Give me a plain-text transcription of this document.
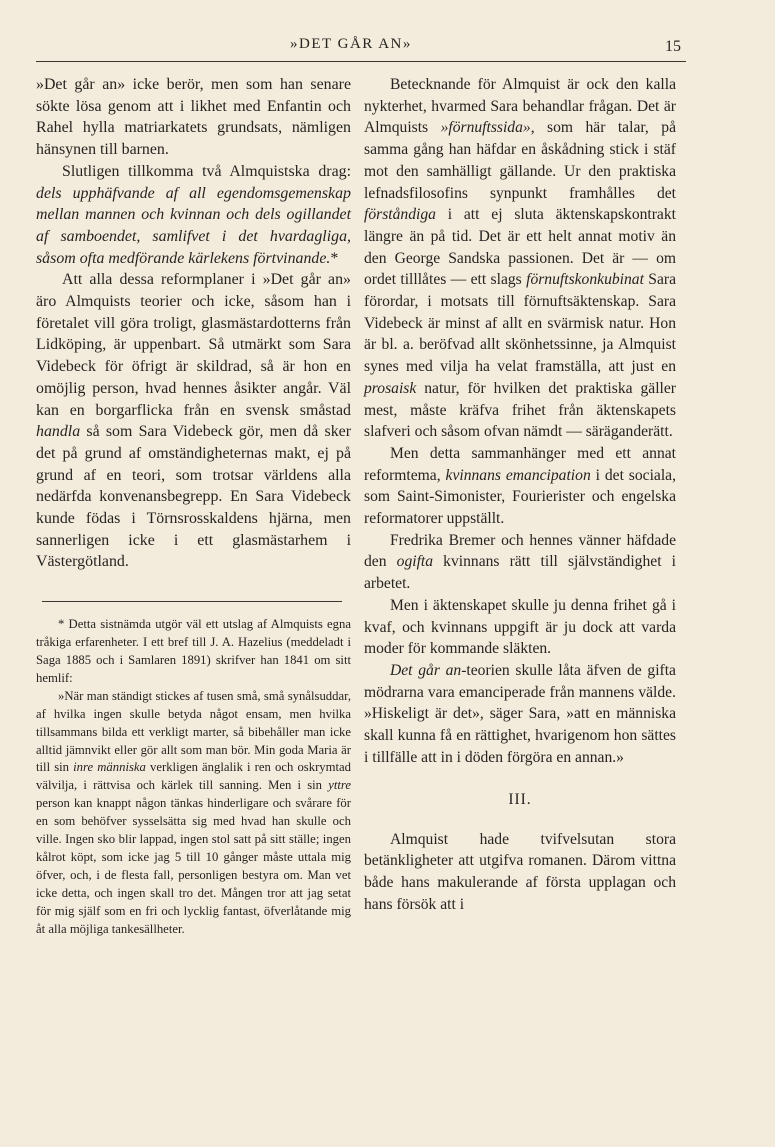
»DET GÅR AN»	15

»Det går an» icke berör, men som han senare sökte lösa genom att i likhet med Enfantin och Rahel hylla matriarkatets grundsats, nämligen hänsynen till barnen.

Slutligen tillkomma två Almquistska drag: dels upphäfvande af all egendomsgemenskap mellan mannen och kvinnan och dels ogillandet af samboendet, samlifvet i det hvardagliga, såsom ofta medförande kärlekens förtvinande.*

Att alla dessa reformplaner i »Det går an» äro Almquists teorier och icke, såsom han i företalet vill göra troligt, glasmästardotterns från Lidköping, är uppenbart. Så utmärkt som Sara Videbeck för öfrigt är skildrad, så är hon en omöjlig person, hvad hennes åsikter angår. Väl kan en borgarflicka från en svensk småstad handla så som Sara Videbeck gör, men då sker det på grund af omständigheternas makt, ej på grund af en teori, som trotsar världens alla nedärfda konvenansbegrepp. En Sara Videbeck kunde födas i Törnsrosskaldens hjärna, men sannerligen icke i ett glasmästarhem i Västergötland.

* Detta sistnämda utgör väl ett utslag af Almquists egna tråkiga erfarenheter. I ett bref till J. A. Hazelius (meddeladt i Saga 1885 och i Samlaren 1891) skrifver han 1841 om sitt hemlif:

»När man ständigt stickes af tusen små, små synålsuddar, af hvilka ingen skulle betyda något ensam, men hvilka tillsammans bilda ett verkligt marter, så bibehåller man icke alltid jämnvikt eller gör allt som man bör. Min goda Maria är till sin inre människa verkligen änglalik i ren och oskrymtad välvilja, i rättvisa och kärlek till sanning. Men i sin yttre person kan knappt någon tänkas hinderligare och svårare för en som behöfver sysselsätta sig med hvad han skulle och ville. Ingen sko blir lappad, ingen stol satt på sitt ställe; ingen kålrot köpt, som icke jag 5 till 10 gånger måste uttala mig öfver, och, i de flesta fall, personligen bestyra om. Man vet icke detta, och ingen skall tro det. Mången tror att jag setat för mig själf som en fri och lycklig fantast, öfverlåtande mig åt alla möjliga tankesällheter.

Betecknande för Almquist är ock den kalla nykterhet, hvarmed Sara behandlar frågan. Det är Almquists »förnuftssida», som här talar, på samma gång han häfdar en åskådning stick i stäf mot den samhälligt gällande. Ur den praktiska lefnadsfilosofins synpunkt framhålles det förståndiga i att ej sluta äktenskapskontrakt längre än på tid. Det är ett helt annat motiv än den George Sandska passionen. Det är — om ordet tilllåtes — ett slags förnuftskonkubinat Sara förordar, i motsats till förnuftsäktenskap. Sara Videbeck är minst af allt en svärmisk natur. Hon är bl. a. beröfvad allt skönhetssinne, ja Almquist synes med vilja ha velat framställa, att just en prosaisk natur, för hvilken det praktiska gäller mest, måste kräfva frihet från äktenskapets slafveri och såsom ofvan nämdt — säräganderätt.

Men detta sammanhänger med ett annat reformtema, kvinnans emancipation i det sociala, som Saint-Simonister, Fourierister och engelska reformatorer uppställt.

Fredrika Bremer och hennes vänner häfdade den ogifta kvinnans rätt till självständighet i arbetet.

Men i äktenskapet skulle ju denna frihet gå i kvaf, och kvinnans uppgift är ju dock att varda moder för kommande släkten.

Det går an-teorien skulle låta äfven de gifta mödrarna vara emanciperade från mannens välde. »Hiskeligt är det», säger Sara, »att en människa skall kunna få en rättighet, hvarigenom hon sättes i tillfälle att in i döden förgöra en annan.»

III.

Almquist hade tvifvelsutan stora betänkligheter att utgifva romanen. Därom vittna både hans makulerande af första upplagan och hans försök att i
